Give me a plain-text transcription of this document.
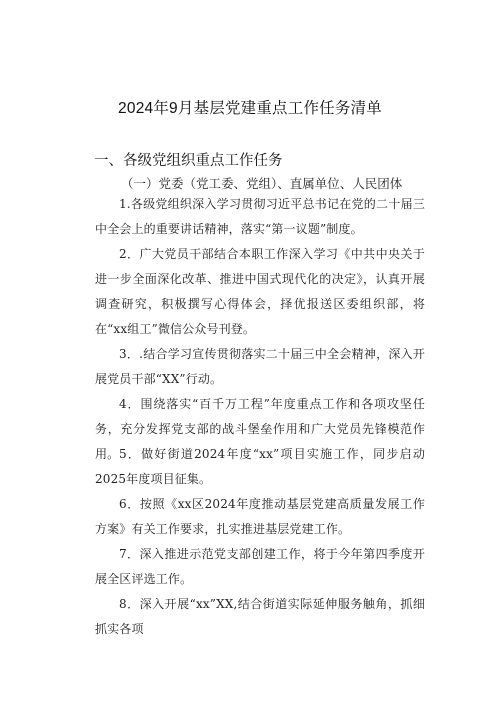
2024年9月基层党建重点工作任务清单
一、各级党组织重点工作任务
（一）党委（党工委、党组）、直属单位、人民团体
1.各级党组织深入学习贯彻习近平总书记在党的二十届三中全会上的重要讲话精神，落实“第一议题”制度。
2．广大党员干部结合本职工作深入学习《中共中央关于进一步全面深化改革、推进中国式现代化的决定》，认真开展调查研究，积极撰写心得体会，择优报送区委组织部，将在“xx组工”微信公众号刊登。
3．.结合学习宣传贯彻落实二十届三中全会精神，深入开展党员干部“XX”行动。
4．围绕落实“百千万工程”年度重点工作和各项攻坚任务，充分发挥党支部的战斗堡垒作用和广大党员先锋模范作用。 5．做好街道2024年度“xx”项目实施工作，同步启动2025年度项目征集。
6．按照《xx区2024年度推动基层党建高质量发展工作方案》有关工作要求，扎实推进基层党建工作。
7．深入推进示范党支部创建工作，将于今年第四季度开展全区评选工作。
8．深入开展“xx”XX,结合街道实际延伸服务触角，抓细抓实各项
